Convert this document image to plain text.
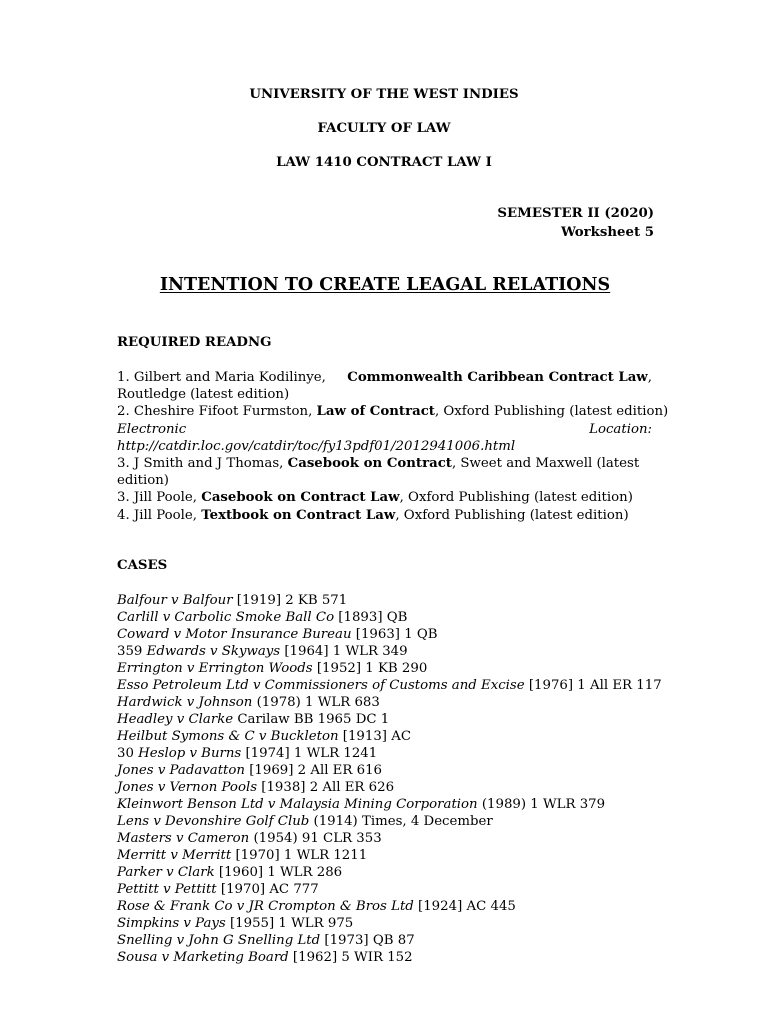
UNIVERSITY OF THE WEST INDIES
FACULTY OF LAW
LAW 1410 CONTRACT LAW I
SEMESTER II (2020)
Worksheet 5
INTENTION TO CREATE LEAGAL RELATIONS
REQUIRED READNG
1. Gilbert and Maria Kodilinye, Commonwealth Caribbean Contract Law,
Routledge (latest edition)
2. Cheshire Fifoot Furmston, Law of Contract, Oxford Publishing (latest edition)
Electronic	Location:
http://catdir.loc.gov/catdir/toc/fy13pdf01/2012941006.html
3. J Smith and J Thomas, Casebook on Contract, Sweet and Maxwell (latest
edition)
3. Jill Poole, Casebook on Contract Law, Oxford Publishing (latest edition)
4. Jill Poole, Textbook on Contract Law, Oxford Publishing (latest edition)
CASES
Balfour v Balfour [1919] 2 KB 571
Carlill v Carbolic Smoke Ball Co [1893] QB
Coward v Motor Insurance Bureau [1963] 1 QB
359 Edwards v Skyways [1964] 1 WLR 349
Errington v Errington Woods [1952] 1 KB 290
Esso Petroleum Ltd v Commissioners of Customs and Excise [1976] 1 All ER 117
Hardwick v Johnson (1978) 1 WLR 683
Headley v Clarke Carilaw BB 1965 DC 1
Heilbut Symons & C v Buckleton [1913] AC
30 Heslop v Burns [1974] 1 WLR 1241
Jones v Padavatton [1969] 2 All ER 616
Jones v Vernon Pools [1938] 2 All ER 626
Kleinwort Benson Ltd v Malaysia Mining Corporation (1989) 1 WLR 379
Lens v Devonshire Golf Club (1914) Times, 4 December
Masters v Cameron (1954) 91 CLR 353
Merritt v Merritt [1970] 1 WLR 1211
Parker v Clark [1960] 1 WLR 286
Pettitt v Pettitt [1970] AC 777
Rose & Frank Co v JR Crompton & Bros Ltd [1924] AC 445
Simpkins v Pays [1955] 1 WLR 975
Snelling v John G Snelling Ltd [1973] QB 87
Sousa v Marketing Board [1962] 5 WIR 152
